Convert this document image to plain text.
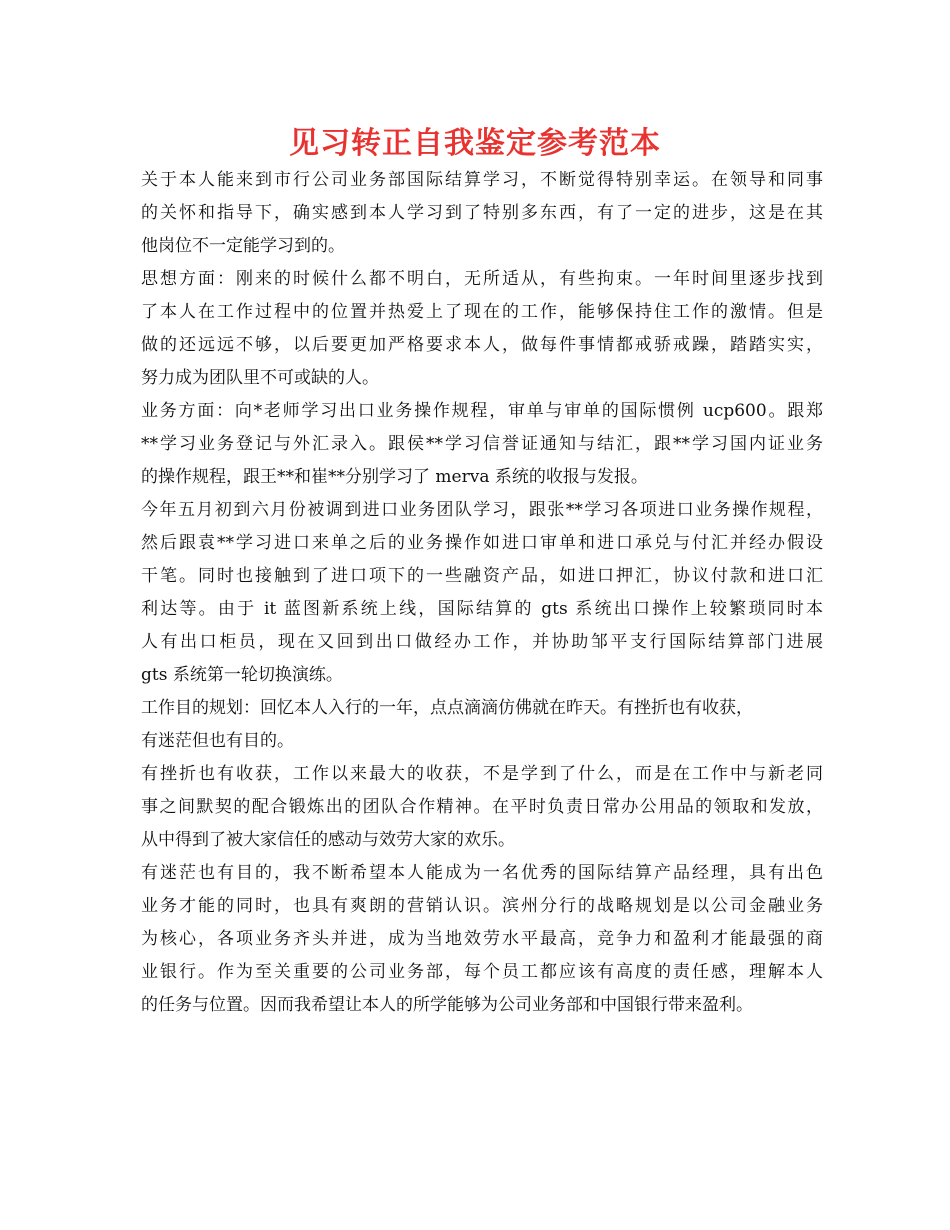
见习转正自我鉴定参考范本
关于本人能来到市行公司业务部国际结算学习，不断觉得特别幸运。在领导和同事
的关怀和指导下，确实感到本人学习到了特别多东西，有了一定的进步，这是在其
他岗位不一定能学习到的。
思想方面：刚来的时候什么都不明白，无所适从，有些拘束。一年时间里逐步找到
了本人在工作过程中的位置并热爱上了现在的工作，能够保持住工作的激情。但是
做的还远远不够，以后要更加严格要求本人，做每件事情都戒骄戒躁，踏踏实实，
努力成为团队里不可或缺的人。
业务方面：向*老师学习出口业务操作规程，审单与审单的国际惯例 ucp600。跟郑
**学习业务登记与外汇录入。跟侯**学习信誉证通知与结汇，跟**学习国内证业务
的操作规程，跟王**和崔**分别学习了 merva 系统的收报与发报。
今年五月初到六月份被调到进口业务团队学习，跟张**学习各项进口业务操作规程，
然后跟袁**学习进口来单之后的业务操作如进口审单和进口承兑与付汇并经办假设
干笔。同时也接触到了进口项下的一些融资产品，如进口押汇，协议付款和进口汇
利达等。由于 it 蓝图新系统上线，国际结算的 gts 系统出口操作上较繁琐同时本
人有出口柜员，现在又回到出口做经办工作，并协助邹平支行国际结算部门进展
gts 系统第一轮切换演练。
工作目的规划：回忆本人入行的一年，点点滴滴仿佛就在昨天。有挫折也有收获，
有迷茫但也有目的。
有挫折也有收获，工作以来最大的收获，不是学到了什么，而是在工作中与新老同
事之间默契的配合锻炼出的团队合作精神。在平时负责日常办公用品的领取和发放，
从中得到了被大家信任的感动与效劳大家的欢乐。
有迷茫也有目的，我不断希望本人能成为一名优秀的国际结算产品经理，具有出色
业务才能的同时，也具有爽朗的营销认识。滨州分行的战略规划是以公司金融业务
为核心，各项业务齐头并进，成为当地效劳水平最高，竞争力和盈利才能最强的商
业银行。作为至关重要的公司业务部，每个员工都应该有高度的责任感，理解本人
的任务与位置。因而我希望让本人的所学能够为公司业务部和中国银行带来盈利。
